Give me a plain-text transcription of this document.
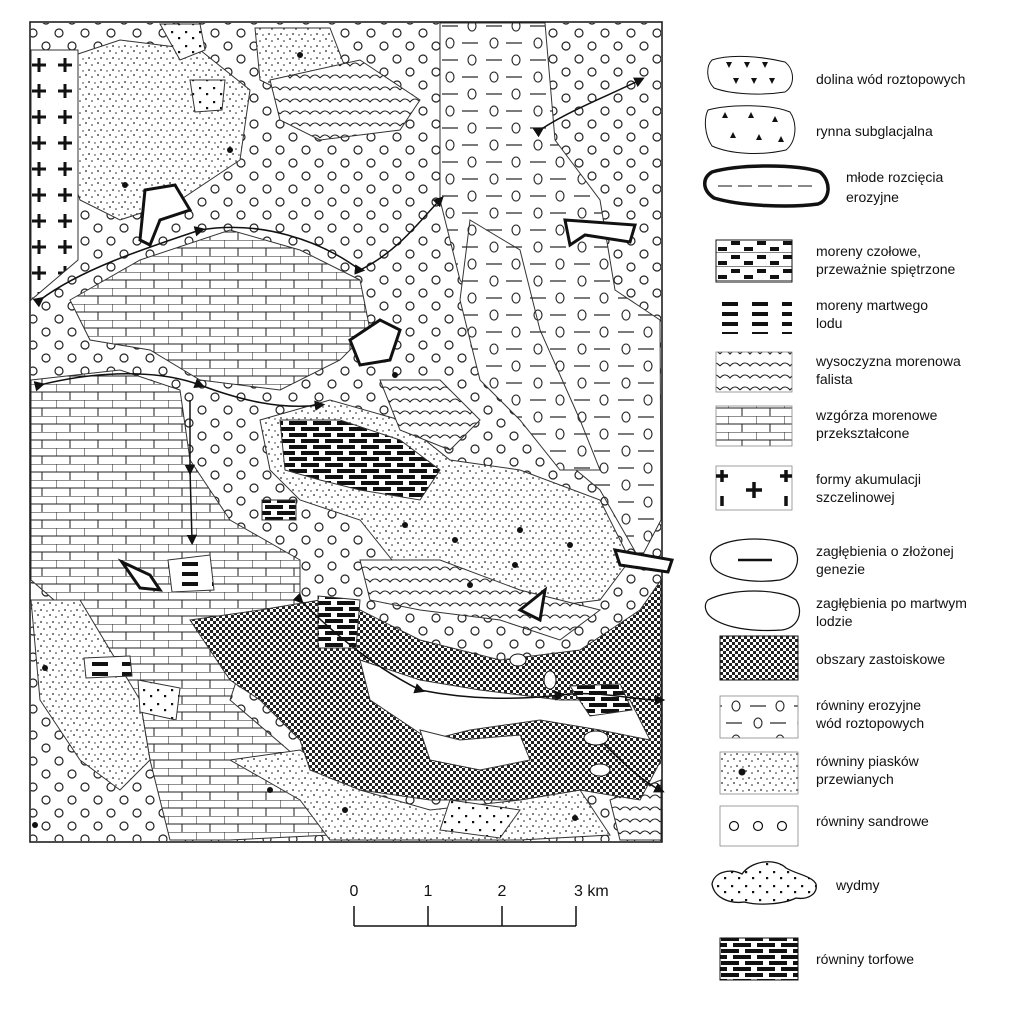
0	1	2	3 km
dolina wód roztopowych
rynna subglacjalna
młode rozcięcia
erozyjne
moreny czołowe,
przeważnie spiętrzone
moreny martwego
lodu
wysoczyzna morenowa
falista
wzgórza morenowe
przekształcone
formy akumulacji
szczelinowej
zagłębienia o złożonej
genezie
zagłębienia po martwym
lodzie
obszary zastoiskowe
równiny erozyjne
wód roztopowych
równiny piasków
przewianych
równiny sandrowe
wydmy
równiny torfowe
